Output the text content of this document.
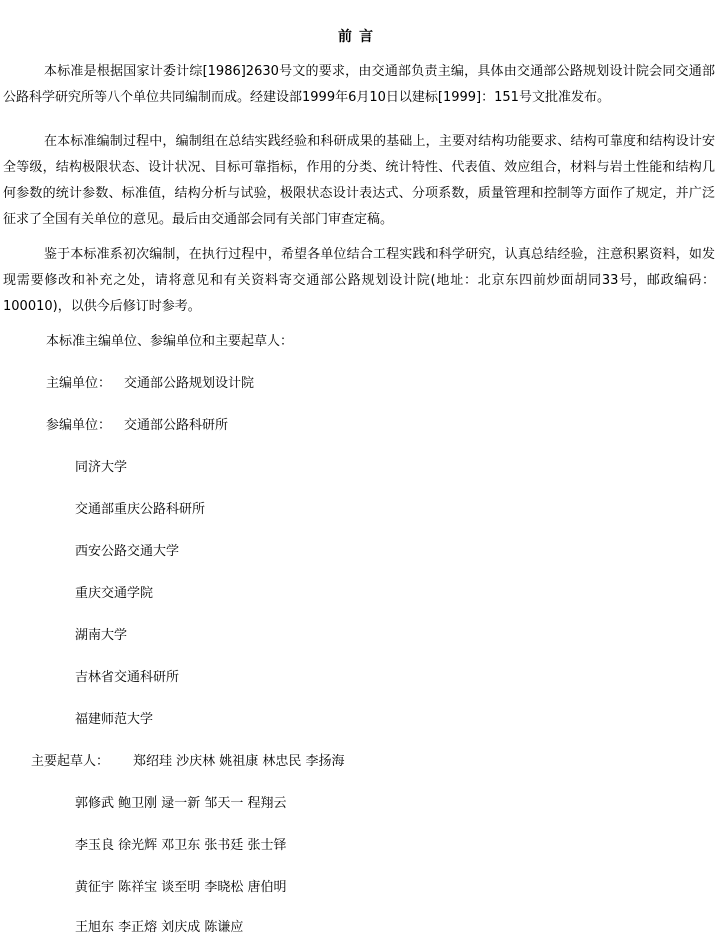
前言

本标准是根据国家计委计综[1986]2630号文的要求，由交通部负责主编，具体由交通部公路规划设计院会同交通部公路科学研究所等八个单位共同编制而成。经建设部1999年6月10日以建标[1999]：151号文批准发布。

在本标准编制过程中，编制组在总结实践经验和科研成果的基础上，主要对结构功能要求、结构可靠度和结构设计安全等级，结构极限状态、设计状况、目标可靠指标，作用的分类、统计特性、代表值、效应组合，材料与岩土性能和结构几何参数的统计参数、标准值，结构分析与试验，极限状态设计表达式、分项系数，质量管理和控制等方面作了规定，并广泛征求了全国有关单位的意见。最后由交通部会同有关部门审查定稿。

鉴于本标准系初次编制，在执行过程中，希望各单位结合工程实践和科学研究，认真总结经验，注意积累资料，如发现需要修改和补充之处，请将意见和有关资料寄交通部公路规划设计院(地址：北京东四前炒面胡同33号，邮政编码：100010)，以供今后修订时参考。

本标准主编单位、参编单位和主要起草人：
主编单位： 交通部公路规划设计院
参编单位： 交通部公路科研所
同济大学
交通部重庆公路科研所
西安公路交通大学
重庆交通学院
湖南大学
吉林省交通科研所
福建师范大学
主要起草人： 郑绍珪 沙庆林 姚祖康 林忠民 李扬海
郭修武 鲍卫刚 逯一新 邹天一 程翔云
李玉良 徐光辉 邓卫东 张书廷 张士铎
黄征宇 陈祥宝 谈至明 李晓松 唐伯明
王旭东 李正熔 刘庆成 陈谦应
